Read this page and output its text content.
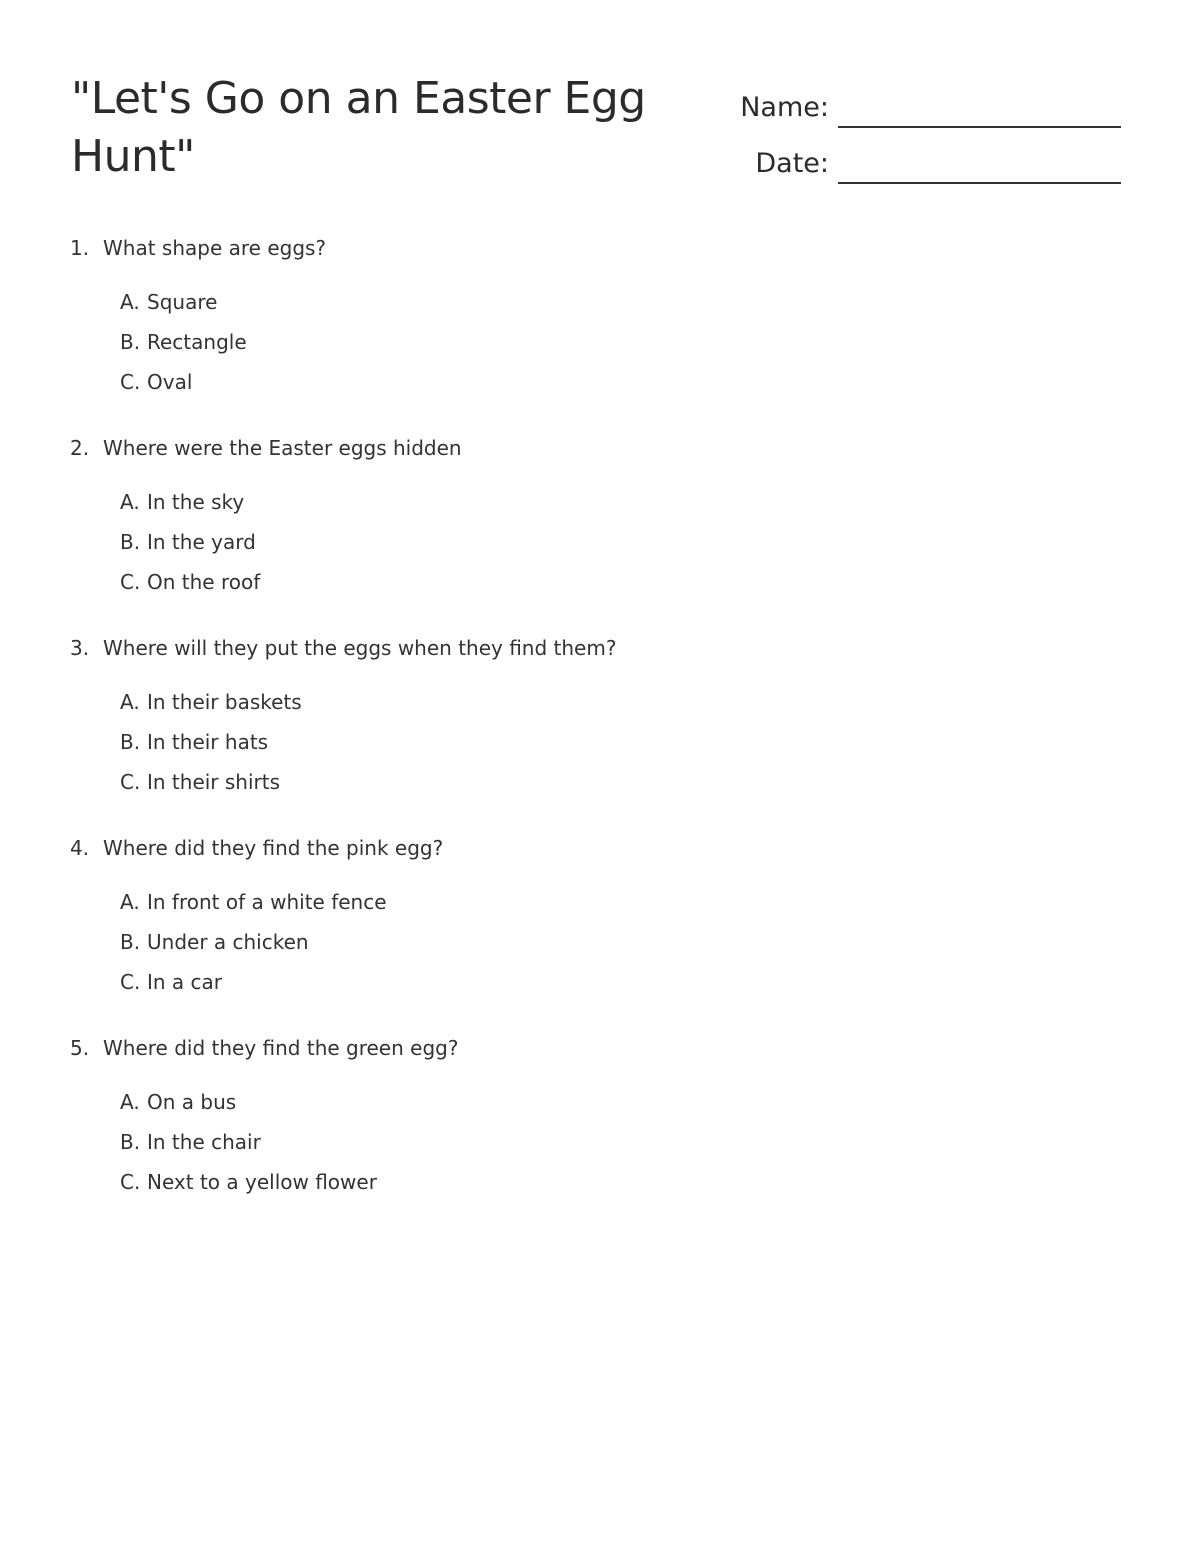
"Let's Go on an Easter Egg Hunt"
Name:
Date:
1. What shape are eggs?
A. Square
B. Rectangle
C. Oval
2. Where were the Easter eggs hidden
A. In the sky
B. In the yard
C. On the roof
3. Where will they put the eggs when they find them?
A. In their baskets
B. In their hats
C. In their shirts
4. Where did they find the pink egg?
A. In front of a white fence
B. Under a chicken
C. In a car
5. Where did they find the green egg?
A. On a bus
B. In the chair
C. Next to a yellow flower
